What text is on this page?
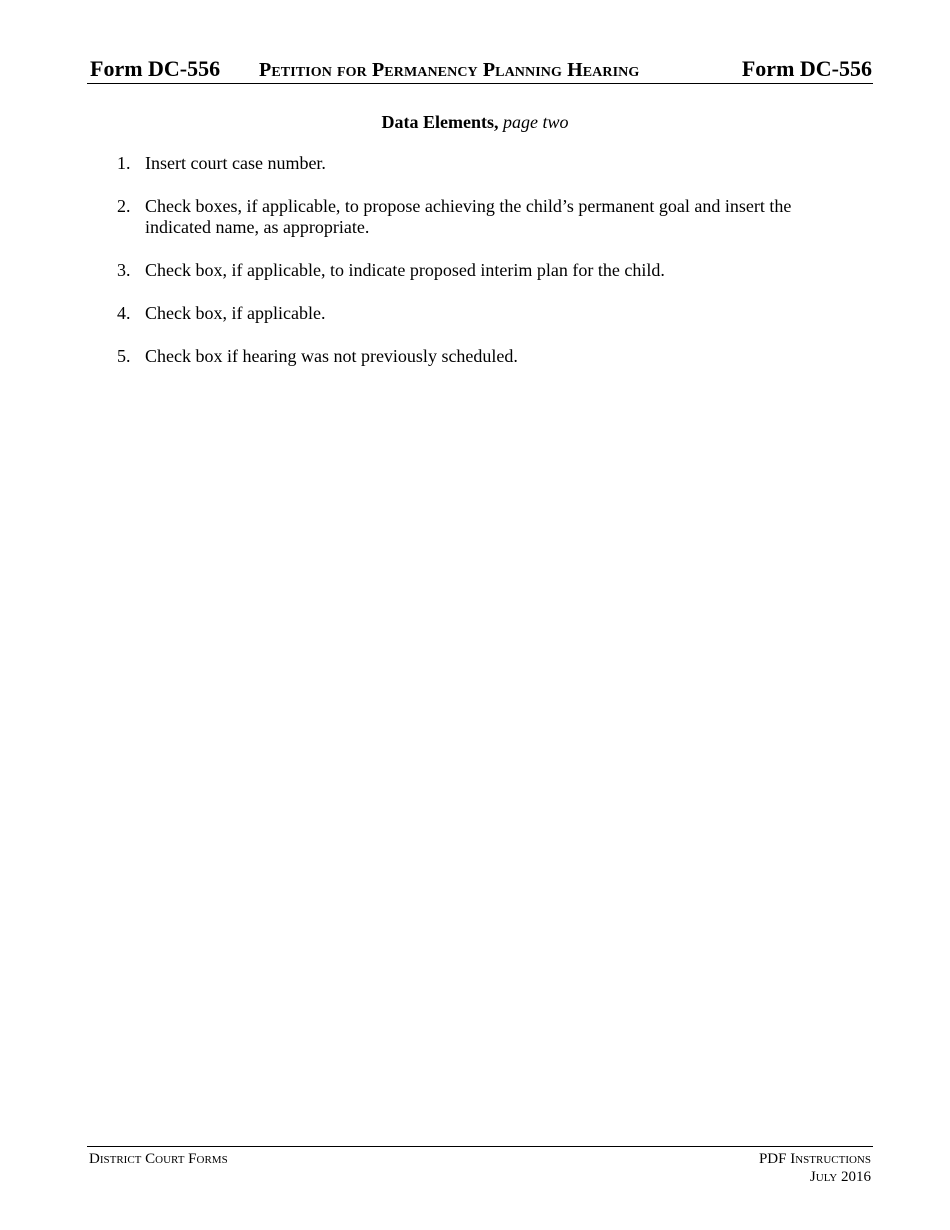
Form DC-556 Petition for Permanency Planning Hearing	Form DC-556
Data Elements, page two
1. Insert court case number.
2. Check boxes, if applicable, to propose achieving the child’s permanent goal and insert the indicated name, as appropriate.
3. Check box, if applicable, to indicate proposed interim plan for the child.
4. Check box, if applicable.
5. Check box if hearing was not previously scheduled.
District Court Forms	PDF Instructions
July 2016
